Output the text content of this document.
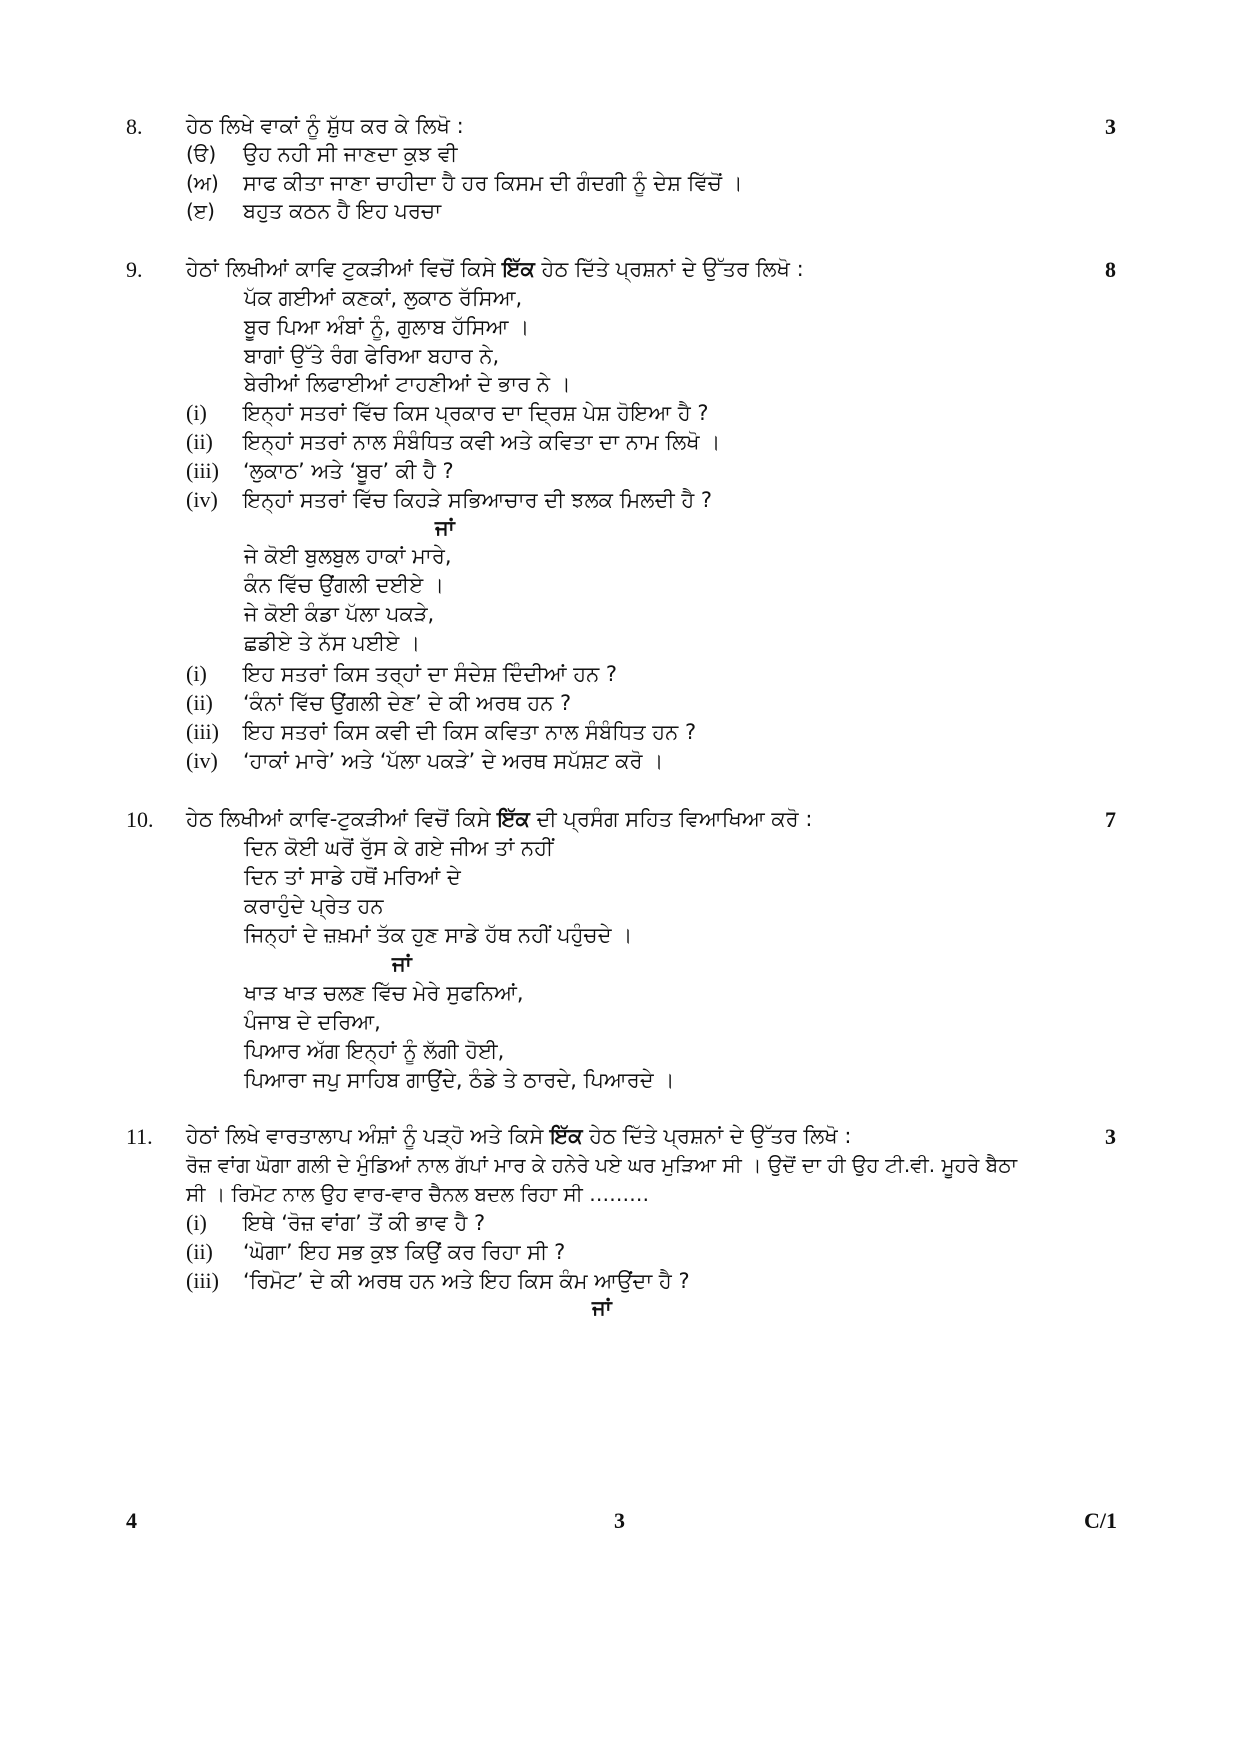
8.	ਹੇਠ ਲਿਖੇ ਵਾਕਾਂ ਨੂੰ ਸ਼ੁੱਧ ਕਰ ਕੇ ਲਿਖੋ :	3
(ੳ) ਉਹ ਨਹੀ ਸੀ ਜਾਣਦਾ ਕੁਝ ਵੀ
(ਅ) ਸਾਫ ਕੀਤਾ ਜਾਣਾ ਚਾਹੀਦਾ ਹੈ ਹਰ ਕਿਸਮ ਦੀ ਗੰਦਗੀ ਨੂੰ ਦੇਸ਼ ਵਿੱਚੋਂ ।
(ੲ) ਬਹੁਤ ਕਠਨ ਹੈ ਇਹ ਪਰਚਾ
9.	ਹੇਠਾਂ ਲਿਖੀਆਂ ਕਾਵਿ ਟੁਕੜੀਆਂ ਵਿਚੋਂ ਕਿਸੇ ਇੱਕ ਹੇਠ ਦਿੱਤੇ ਪ੍ਰਸ਼ਨਾਂ ਦੇ ਉੱਤਰ ਲਿਖੋ :	8
ਪੱਕ ਗਈਆਂ ਕਣਕਾਂ, ਲੁਕਾਠ ਰੱਸਿਆ,
ਬੂਰ ਪਿਆ ਅੰਬਾਂ ਨੂੰ, ਗੁਲਾਬ ਹੱਸਿਆ ।
ਬਾਗਾਂ ਉੱਤੇ ਰੰਗ ਫੇਰਿਆ ਬਹਾਰ ਨੇ,
ਬੇਰੀਆਂ ਲਿਫਾਈਆਂ ਟਾਹਣੀਆਂ ਦੇ ਭਾਰ ਨੇ ।
(i) ਇਨ੍ਹਾਂ ਸਤਰਾਂ ਵਿੱਚ ਕਿਸ ਪ੍ਰਕਾਰ ਦਾ ਦ੍ਰਿਸ਼ ਪੇਸ਼ ਹੋਇਆ ਹੈ ?
(ii) ਇਨ੍ਹਾਂ ਸਤਰਾਂ ਨਾਲ ਸੰਬੰਧਿਤ ਕਵੀ ਅਤੇ ਕਵਿਤਾ ਦਾ ਨਾਮ ਲਿਖੋ ।
(iii) ‘ਲੁਕਾਠ’ ਅਤੇ ‘ਬੂਰ’ ਕੀ ਹੈ ?
(iv) ਇਨ੍ਹਾਂ ਸਤਰਾਂ ਵਿੱਚ ਕਿਹੜੇ ਸਭਿਆਚਾਰ ਦੀ ਝਲਕ ਮਿਲਦੀ ਹੈ ?
ਜਾਂ
ਜੇ ਕੋਈ ਬੁਲਬੁਲ ਹਾਕਾਂ ਮਾਰੇ,
ਕੰਨ ਵਿੱਚ ਉਂਗਲੀ ਦਈਏ ।
ਜੇ ਕੋਈ ਕੰਡਾ ਪੱਲਾ ਪਕੜੇ,
ਛਡੀਏ ਤੇ ਨੱਸ ਪਈਏ ।
(i) ਇਹ ਸਤਰਾਂ ਕਿਸ ਤਰ੍ਹਾਂ ਦਾ ਸੰਦੇਸ਼ ਦਿੰਦੀਆਂ ਹਨ ?
(ii) ‘ਕੰਨਾਂ ਵਿੱਚ ਉਂਗਲੀ ਦੇਣ’ ਦੇ ਕੀ ਅਰਥ ਹਨ ?
(iii) ਇਹ ਸਤਰਾਂ ਕਿਸ ਕਵੀ ਦੀ ਕਿਸ ਕਵਿਤਾ ਨਾਲ ਸੰਬੰਧਿਤ ਹਨ ?
(iv) ‘ਹਾਕਾਂ ਮਾਰੇ’ ਅਤੇ ‘ਪੱਲਾ ਪਕੜੇ’ ਦੇ ਅਰਥ ਸਪੱਸ਼ਟ ਕਰੋ ।
10.	ਹੇਠ ਲਿਖੀਆਂ ਕਾਵਿ-ਟੁਕੜੀਆਂ ਵਿਚੋਂ ਕਿਸੇ ਇੱਕ ਦੀ ਪ੍ਰਸੰਗ ਸਹਿਤ ਵਿਆਖਿਆ ਕਰੋ :	7
ਦਿਨ ਕੋਈ ਘਰੋਂ ਰੁੱਸ ਕੇ ਗਏ ਜੀਅ ਤਾਂ ਨਹੀਂ
ਦਿਨ ਤਾਂ ਸਾਡੇ ਹਥੋਂ ਮਰਿਆਂ ਦੇ
ਕਰਾਹੁੰਦੇ ਪ੍ਰੇਤ ਹਨ
ਜਿਨ੍ਹਾਂ ਦੇ ਜ਼ਖ਼ਮਾਂ ਤੱਕ ਹੁਣ ਸਾਡੇ ਹੱਥ ਨਹੀਂ ਪਹੁੰਚਦੇ ।
ਜਾਂ
ਖਾੜ ਖਾੜ ਚਲਣ ਵਿੱਚ ਮੇਰੇ ਸੁਫਨਿਆਂ,
ਪੰਜਾਬ ਦੇ ਦਰਿਆ,
ਪਿਆਰ ਅੱਗ ਇਨ੍ਹਾਂ ਨੂੰ ਲੱਗੀ ਹੋਈ,
ਪਿਆਰਾ ਜਪੁ ਸਾਹਿਬ ਗਾਉਂਦੇ, ਠੰਡੇ ਤੇ ਠਾਰਦੇ, ਪਿਆਰਦੇ ।
11.	ਹੇਠਾਂ ਲਿਖੇ ਵਾਰਤਾਲਾਪ ਅੰਸ਼ਾਂ ਨੂੰ ਪੜ੍ਹੋ ਅਤੇ ਕਿਸੇ ਇੱਕ ਹੇਠ ਦਿੱਤੇ ਪ੍ਰਸ਼ਨਾਂ ਦੇ ਉੱਤਰ ਲਿਖੋ :	3
ਰੋਜ਼ ਵਾਂਗ ਘੋਗਾ ਗਲੀ ਦੇ ਮੁੰਡਿਆਂ ਨਾਲ ਗੱਪਾਂ ਮਾਰ ਕੇ ਹਨੇਰੇ ਪਏ ਘਰ ਮੁੜਿਆ ਸੀ । ਉਦੋਂ ਦਾ ਹੀ ਉਹ ਟੀ.ਵੀ. ਮੂਹਰੇ ਬੈਠਾ
ਸੀ । ਰਿਮੋਟ ਨਾਲ ਉਹ ਵਾਰ-ਵਾਰ ਚੈਨਲ ਬਦਲ ਰਿਹਾ ਸੀ ………
(i) ਇਥੇ ‘ਰੋਜ਼ ਵਾਂਗ’ ਤੋਂ ਕੀ ਭਾਵ ਹੈ ?
(ii) ‘ਘੋਗਾ’ ਇਹ ਸਭ ਕੁਝ ਕਿਉਂ ਕਰ ਰਿਹਾ ਸੀ ?
(iii) ‘ਰਿਮੋਟ’ ਦੇ ਕੀ ਅਰਥ ਹਨ ਅਤੇ ਇਹ ਕਿਸ ਕੰਮ ਆਉਂਦਾ ਹੈ ?
ਜਾਂ
4	3	C/1
